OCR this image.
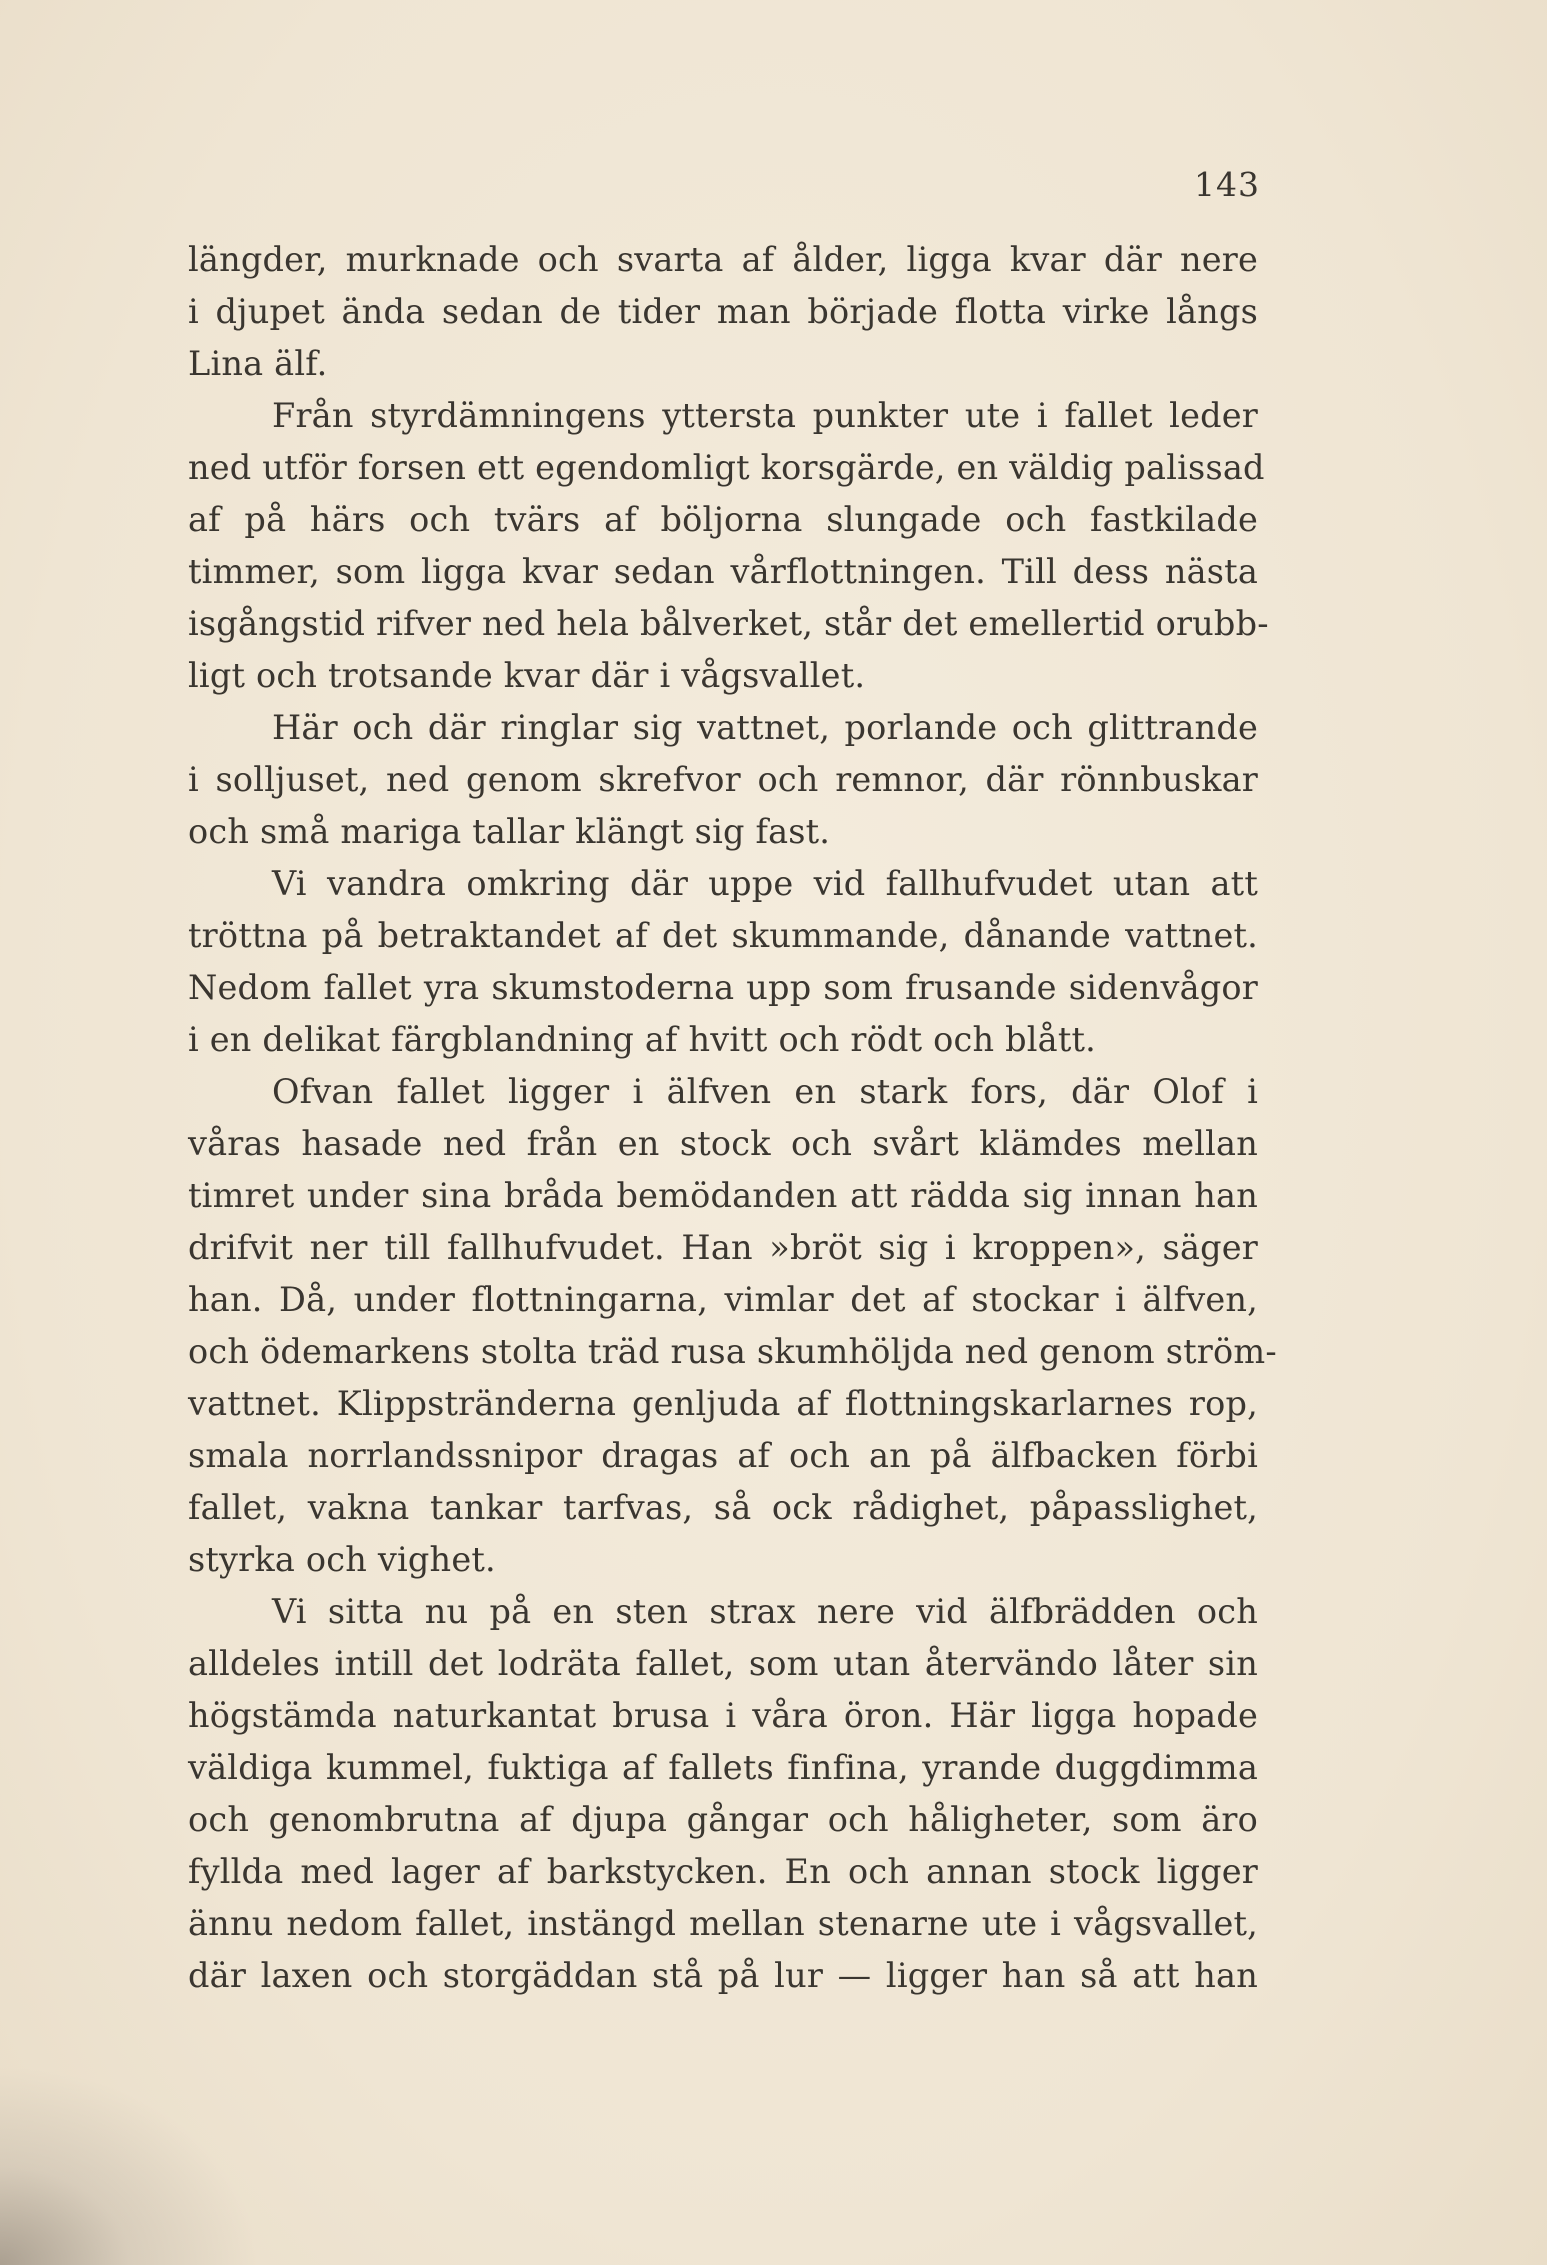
143
längder, murknade och svarta af ålder, ligga kvar där nere
i djupet ända sedan de tider man började flotta virke långs
Lina älf.
Från styrdämningens yttersta punkter ute i fallet leder
ned utför forsen ett egendomligt korsgärde, en väldig palissad
af på härs och tvärs af böljorna slungade och fastkilade
timmer, som ligga kvar sedan vårflottningen. Till dess nästa
isgångstid rifver ned hela bålverket, står det emellertid orubb-
ligt och trotsande kvar där i vågsvallet.
Här och där ringlar sig vattnet, porlande och glittrande
i solljuset, ned genom skrefvor och remnor, där rönnbuskar
och små mariga tallar klängt sig fast.
Vi vandra omkring där uppe vid fallhufvudet utan att
tröttna på betraktandet af det skummande, dånande vattnet.
Nedom fallet yra skumstoderna upp som frusande sidenvågor
i en delikat färgblandning af hvitt och rödt och blått.
Ofvan fallet ligger i älfven en stark fors, där Olof i
våras hasade ned från en stock och svårt klämdes mellan
timret under sina bråda bemödanden att rädda sig innan han
drifvit ner till fallhufvudet. Han »bröt sig i kroppen», säger
han. Då, under flottningarna, vimlar det af stockar i älfven,
och ödemarkens stolta träd rusa skumhöljda ned genom ström-
vattnet. Klippstränderna genljuda af flottningskarlarnes rop,
smala norrlandssnipor dragas af och an på älfbacken förbi
fallet, vakna tankar tarfvas, så ock rådighet, påpasslighet,
styrka och vighet.
Vi sitta nu på en sten strax nere vid älfbrädden och
alldeles intill det lodräta fallet, som utan återvändo låter sin
högstämda naturkantat brusa i våra öron. Här ligga hopade
väldiga kummel, fuktiga af fallets finfina, yrande duggdimma
och genombrutna af djupa gångar och håligheter, som äro
fyllda med lager af barkstycken. En och annan stock ligger
ännu nedom fallet, instängd mellan stenarne ute i vågsvallet,
där laxen och storgäddan stå på lur — ligger han så att han
